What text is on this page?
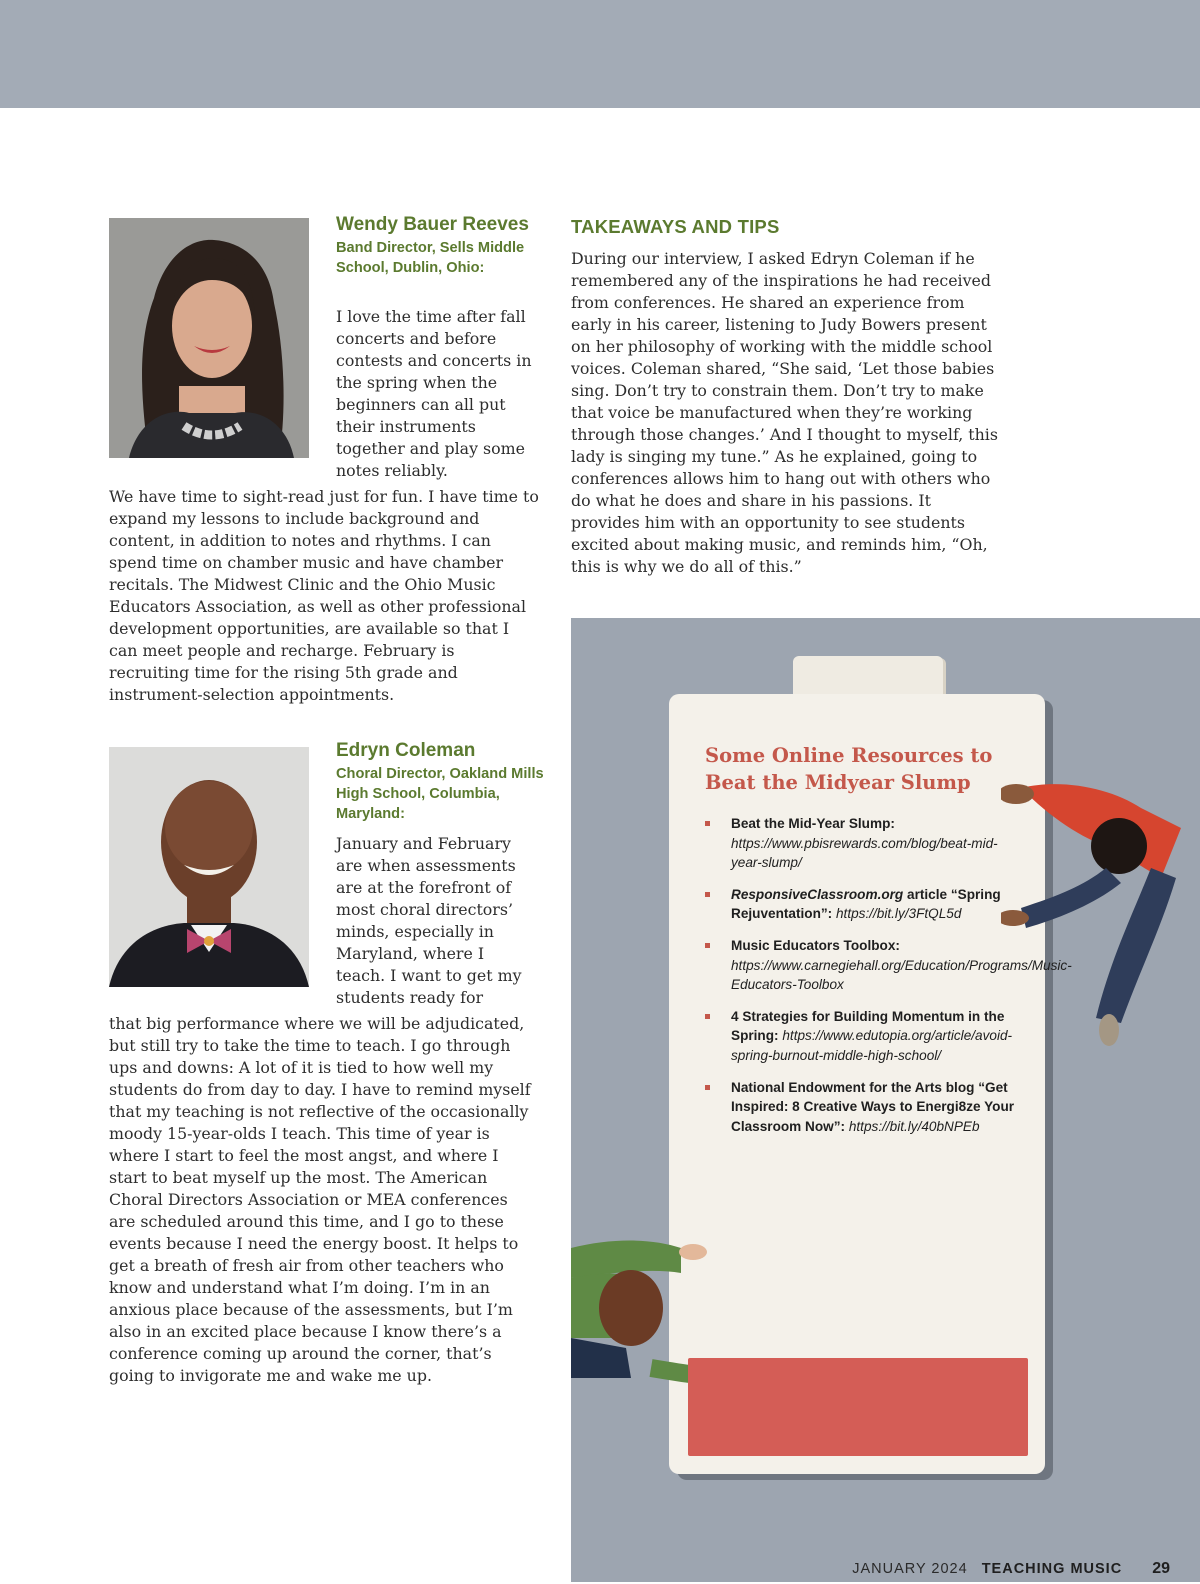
Wendy Bauer Reeves

Band Director, Sells Middle School, Dublin, Ohio:

I love the time after fall concerts and before contests and concerts in the spring when the beginners can all put their instruments together and play some notes reliably.

We have time to sight-read just for fun. I have time to expand my lessons to include background and content, in addition to notes and rhythms. I can spend time on chamber music and have chamber recitals. The Midwest Clinic and the Ohio Music Educators Association, as well as other professional development opportunities, are available so that I can meet people and recharge. February is recruiting time for the rising 5th grade and instrument-selection appointments.

Edryn Coleman

Choral Director, Oakland Mills High School, Columbia, Maryland:

January and February are when assessments are at the forefront of most choral directors’ minds, especially in Maryland, where I teach. I want to get my students ready for

that big performance where we will be adjudicated, but still try to take the time to teach. I go through ups and downs: A lot of it is tied to how well my students do from day to day. I have to remind myself that my teaching is not reflective of the occasionally moody 15-year-olds I teach. This time of year is where I start to feel the most angst, and where I start to beat myself up the most. The American Choral Directors Association or MEA conferences are scheduled around this time, and I go to these events because I need the energy boost. It helps to get a breath of fresh air from other teachers who know and understand what I’m doing. I’m in an anxious place because of the assessments, but I’m also in an excited place because I know there’s a conference coming up around the corner, that’s going to invigorate me and wake me up.

TAKEAWAYS AND TIPS

During our interview, I asked Edryn Coleman if he remembered any of the inspirations he had received from conferences. He shared an experience from early in his career, listening to Judy Bowers present on her philosophy of working with the middle school voices. Coleman shared, “She said, ‘Let those babies sing. Don’t try to constrain them. Don’t try to make that voice be manufactured when they’re working through those changes.’ And I thought to myself, this lady is singing my tune.” As he explained, going to conferences allows him to hang out with others who do what he does and share in his passions. It provides him with an opportunity to see students excited about making music, and reminds him, “Oh, this is why we do all of this.”

Some Online Resources to Beat the Midyear Slump
Beat the Mid-Year Slump: https://www.pbisrewards.com/blog/beat-mid-year-slump/
ResponsiveClassroom.org article “Spring Rejuventation”: https://bit.ly/3FtQL5d
Music Educators Toolbox: https://www.carnegiehall.org/Education/Programs/Music-Educators-Toolbox
4 Strategies for Building Momentum in the Spring: https://www.edutopia.org/article/avoid-spring-burnout-middle-high-school/
National Endowment for the Arts blog “Get Inspired: 8 Creative Ways to Energi8ze Your Classroom Now”: https://bit.ly/40bNPEb
JANUARY 2024 TEACHING MUSIC 29
